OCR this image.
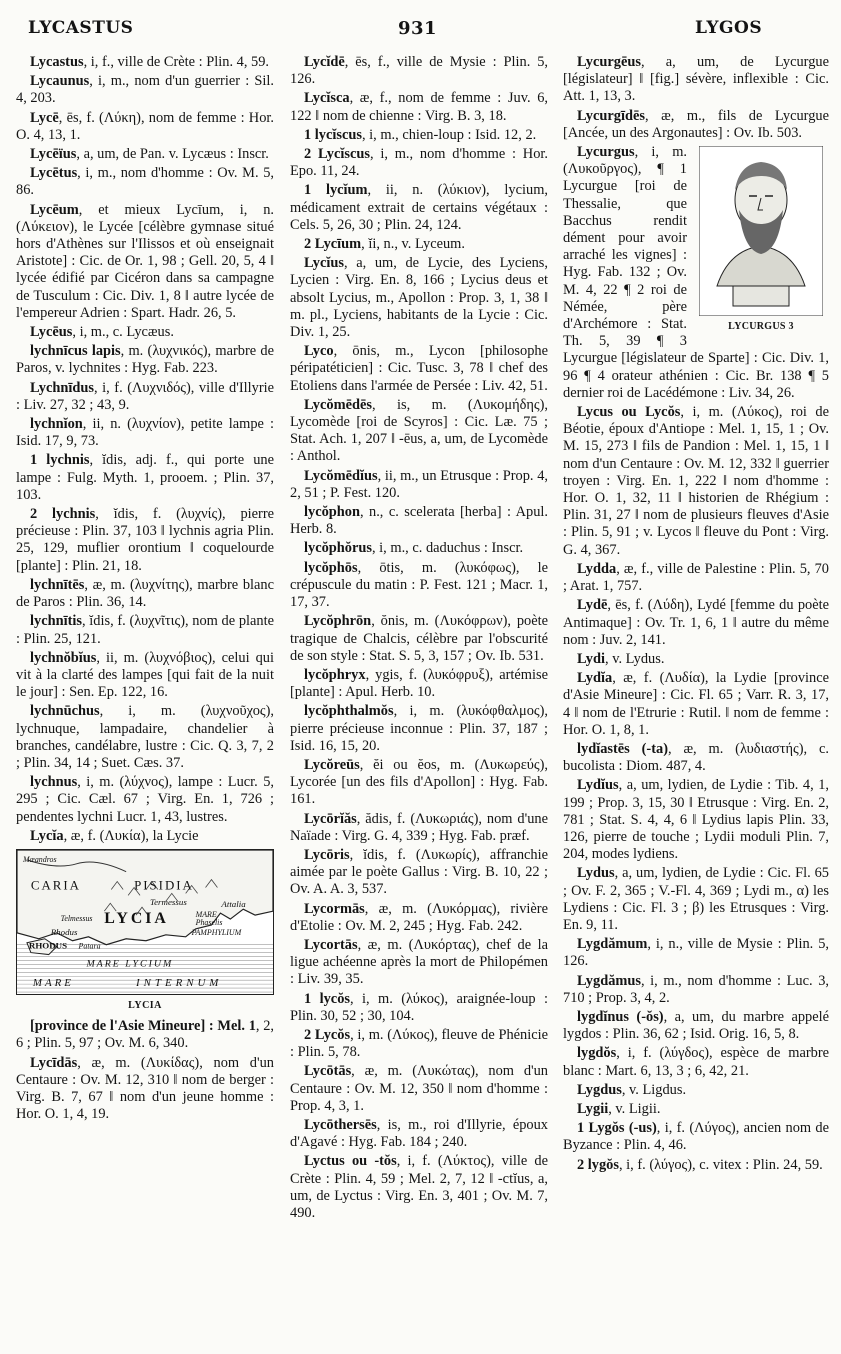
LYCASTUS	931	LYGOS
Lycastus, i, f., ville de Crète : Plin. 4, 59.
Lycaunus, i, m., nom d'un guerrier : Sil. 4, 203.
Lycē, ēs, f. (Λύκη), nom de femme : Hor. O. 4, 13, 1.
Lycēïus, a, um, de Pan. v. Lycæus : Inscr.
Lycētus, i, m., nom d'homme : Ov. M. 5, 86.
Lycēum, et mieux Lycīum, i, n. (Λύκειον), le Lycée [célèbre gymnase situé hors d'Athènes sur l'Ilissos et où enseignait Aristote] : Cic. de Or. 1, 98 ; Gell. 20, 5, 4 ‖ lycée édifié par Cicéron dans sa campagne de Tusculum : Cic. Div. 1, 8 ‖ autre lycée de l'empereur Adrien : Spart. Hadr. 26, 5.
Lycēus, i, m., c. Lycæus.
lychnīcus lapis, m. (λυχνικός), marbre de Paros, v. lychnites : Hyg. Fab. 223.
Lychnīdus, i, f. (Λυχνιδός), ville d'Illyrie : Liv. 27, 32 ; 43, 9.
lychnĭon, ii, n. (λυχνίον), petite lampe : Isid. 17, 9, 73.
1 lychnis, ĭdis, adj. f., qui porte une lampe : Fulg. Myth. 1, prooem. ; Plin. 37, 103.
2 lychnis, ĭdis, f. (λυχνίς), pierre précieuse : Plin. 37, 103 ‖ lychnis agria Plin. 25, 129, muflier orontium ‖ coquelourde [plante] : Plin. 21, 18.
lychnītēs, æ, m. (λυχνίτης), marbre blanc de Paros : Plin. 36, 14.
lychnītis, ĭdis, f. (λυχνῖτις), nom de plante : Plin. 25, 121.
lychnŏbĭus, ii, m. (λυχνόβιος), celui qui vit à la clarté des lampes [qui fait de la nuit le jour] : Sen. Ep. 122, 16.
lychnūchus, i, m. (λυχνοῦχος), lychnuque, lampadaire, chandelier à branches, candélabre, lustre : Cic. Q. 3, 7, 2 ; Plin. 34, 14 ; Suet. Cæs. 37.
lychnus, i, m. (λύχνος), lampe : Lucr. 5, 295 ; Cic. Cæl. 67 ; Virg. En. 1, 726 ; pendentes lychni Lucr. 1, 43, lustres.
Lycĭa, æ, f. (Λυκία), la Lycie
Mæandros
CARIA	PISIDIA
Termessus	Attalia
Telmessus LYCIA	Phaselis
MARE
Rhodus	PAMPHYLIUM
RHODUS Patara
MARE LYCIUM
MARE	INTERNUM
LYCIA
[province de l'Asie Mineure] : Mel. 1, 2, 6 ; Plin. 5, 97 ; Ov. M. 6, 340.
Lycīdās, æ, m. (Λυκίδας), nom d'un Centaure : Ov. M. 12, 310 ‖ nom de berger : Virg. B. 7, 67 ‖ nom d'un jeune homme : Hor. O. 1, 4, 19.
Lycĭdē, ēs, f., ville de Mysie : Plin. 5, 126.
Lycĭsca, æ, f., nom de femme : Juv. 6, 122 ‖ nom de chienne : Virg. B. 3, 18.
1 lycĭscus, i, m., chien-loup : Isid. 12, 2.
2 Lycĭscus, i, m., nom d'homme : Hor. Epo. 11, 24.
1 lycĭum, ii, n. (λύκιον), lycium, médicament extrait de certains végétaux : Cels. 5, 26, 30 ; Plin. 24, 124.
2 Lycīum, ĭi, n., v. Lyceum.
Lycĭus, a, um, de Lycie, des Lyciens, Lycien : Virg. En. 8, 166 ; Lycius deus et absolt Lycius, m., Apollon : Prop. 3, 1, 38 ‖ m. pl., Lyciens, habitants de la Lycie : Cic. Div. 1, 25.
Lyco, ōnis, m., Lycon [philosophe péripatéticien] : Cic. Tusc. 3, 78 ‖ chef des Etoliens dans l'armée de Persée : Liv. 42, 51.
Lycŏmēdēs, is, m. (Λυκομήδης), Lycomède [roi de Scyros] : Cic. Læ. 75 ; Stat. Ach. 1, 207 ‖ -ēus, a, um, de Lycomède : Anthol.
Lycŏmēdĭus, ii, m., un Etrusque : Prop. 4, 2, 51 ; P. Fest. 120.
lycŏphon, n., c. scelerata [herba] : Apul. Herb. 8.
lycŏphŏrus, i, m., c. daduchus : Inscr.
lycŏphōs, ōtis, m. (λυκόφως), le crépuscule du matin : P. Fest. 121 ; Macr. 1, 17, 37.
Lycŏphrōn, ŏnis, m. (Λυκόφρων), poète tragique de Chalcis, célèbre par l'obscurité de son style : Stat. S. 5, 3, 157 ; Ov. Ib. 531.
lycŏphryx, ygis, f. (λυκόφρυξ), artémise [plante] : Apul. Herb. 10.
lycŏphthalmŏs, i, m. (λυκόφθαλμος), pierre précieuse inconnue : Plin. 37, 187 ; Isid. 16, 15, 20.
Lycŏreūs, ĕi ou ĕos, m. (Λυκωρεύς), Lycorée [un des fils d'Apollon] : Hyg. Fab. 161.
Lycōrĭăs, ădis, f. (Λυκωριάς), nom d'une Naïade : Virg. G. 4, 339 ; Hyg. Fab. præf.
Lycōris, ĭdis, f. (Λυκωρίς), affranchie aimée par le poète Gallus : Virg. B. 10, 22 ; Ov. A. A. 3, 537.
Lycormās, æ, m. (Λυκόρμας), rivière d'Etolie : Ov. M. 2, 245 ; Hyg. Fab. 242.
Lycortās, æ, m. (Λυκόρτας), chef de la ligue achéenne après la mort de Philopémen : Liv. 39, 35.
1 lycŏs, i, m. (λύκος), araignée-loup : Plin. 30, 52 ; 30, 104.
2 Lycŏs, i, m. (Λύκος), fleuve de Phénicie : Plin. 5, 78.
Lycōtās, æ, m. (Λυκώτας), nom d'un Centaure : Ov. M. 12, 350 ‖ nom d'homme : Prop. 4, 3, 1.
Lycōthersēs, is, m., roi d'Illyrie, époux d'Agavé : Hyg. Fab. 184 ; 240.
Lyctus ou -tŏs, i, f. (Λύκτος), ville de Crète : Plin. 4, 59 ; Mel. 2, 7, 12 ‖ -ctĭus, a, um, de Lyctus : Virg. En. 3, 401 ; Ov. M. 7, 490.
Lycurgēus, a, um, de Lycurgue [législateur] ‖ [fig.] sévère, inflexible : Cic. Att. 1, 13, 3.
Lycurgīdēs, æ, m., fils de Lycurgue [Ancée, un des Argonautes] : Ov. Ib. 503.
LYCURGUS 3
Lycurgus, i, m. (Λυκοῦργος), ¶ 1 Lycurgue [roi de Thessalie, que Bacchus rendit dément pour avoir arraché les vignes] : Hyg. Fab. 132 ; Ov. M. 4, 22 ¶ 2 roi de Némée, père d'Archémore : Stat. Th. 5, 39 ¶ 3 Lycurgue [législateur de Sparte] : Cic. Div. 1, 96 ¶ 4 orateur athénien : Cic. Br. 138 ¶ 5 dernier roi de Lacédémone : Liv. 34, 26.
Lycus ou Lycŏs, i, m. (Λύκος), roi de Béotie, époux d'Antiope : Mel. 1, 15, 1 ; Ov. M. 15, 273 ‖ fils de Pandion : Mel. 1, 15, 1 ‖ nom d'un Centaure : Ov. M. 12, 332 ‖ guerrier troyen : Virg. En. 1, 222 ‖ nom d'homme : Hor. O. 1, 32, 11 ‖ historien de Rhégium : Plin. 31, 27 ‖ nom de plusieurs fleuves d'Asie : Plin. 5, 91 ; v. Lycos ‖ fleuve du Pont : Virg. G. 4, 367.
Lydda, æ, f., ville de Palestine : Plin. 5, 70 ; Arat. 1, 757.
Lydē, ēs, f. (Λύδη), Lydé [femme du poète Antimaque] : Ov. Tr. 1, 6, 1 ‖ autre du même nom : Juv. 2, 141.
Lydi, v. Lydus.
Lydĭa, æ, f. (Λυδία), la Lydie [province d'Asie Mineure] : Cic. Fl. 65 ; Varr. R. 3, 17, 4 ‖ nom de l'Etrurie : Rutil. ‖ nom de femme : Hor. O. 1, 8, 1.
lydĭastēs (-ta), æ, m. (λυδιαστής), c. bucolista : Diom. 487, 4.
Lydĭus, a, um, lydien, de Lydie : Tib. 4, 1, 199 ; Prop. 3, 15, 30 ‖ Etrusque : Virg. En. 2, 781 ; Stat. S. 4, 4, 6 ‖ Lydius lapis Plin. 33, 126, pierre de touche ; Lydii moduli Plin. 7, 204, modes lydiens.
Lydus, a, um, lydien, de Lydie : Cic. Fl. 65 ; Ov. F. 2, 365 ; V.-Fl. 4, 369 ; Lydi m., α) les Lydiens : Cic. Fl. 3 ; β) les Etrusques : Virg. En. 9, 11.
Lygdămum, i, n., ville de Mysie : Plin. 5, 126.
Lygdămus, i, m., nom d'homme : Luc. 3, 710 ; Prop. 3, 4, 2.
lygdĭnus (-ŏs), a, um, du marbre appelé lygdos : Plin. 36, 62 ; Isid. Orig. 16, 5, 8.
lygdŏs, i, f. (λύγδος), espèce de marbre blanc : Mart. 6, 13, 3 ; 6, 42, 21.
Lygdus, v. Ligdus.
Lygii, v. Ligii.
1 Lygŏs (-us), i, f. (Λύγος), ancien nom de Byzance : Plin. 4, 46.
2 lygŏs, i, f. (λύγος), c. vitex : Plin. 24, 59.
